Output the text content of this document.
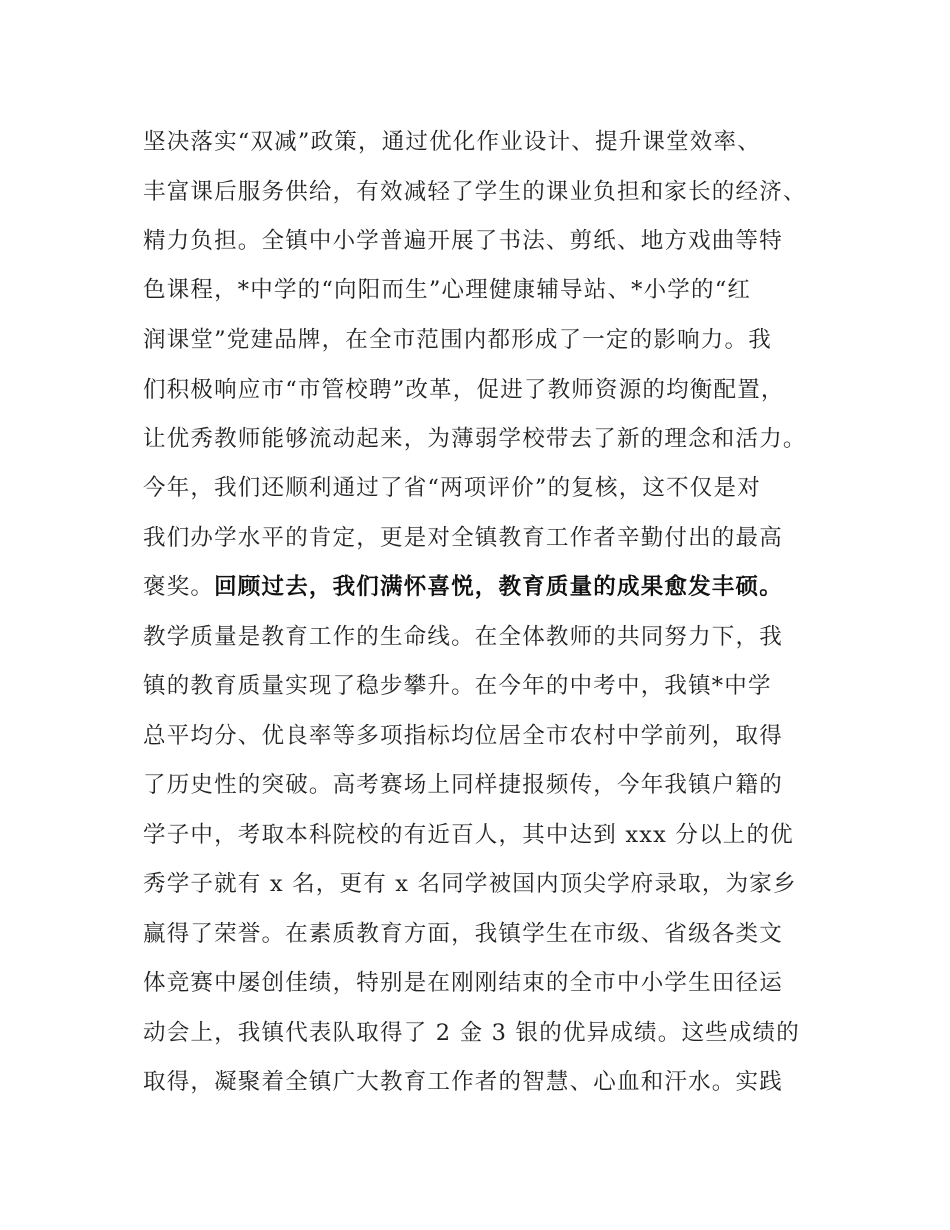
坚决落实“双减”政策，通过优化作业设计、提升课堂效率、
丰富课后服务供给，有效减轻了学生的课业负担和家长的经济、
精力负担。全镇中小学普遍开展了书法、剪纸、地方戏曲等特
色课程，*中学的“向阳而生”心理健康辅导站、*小学的“红
润课堂”党建品牌，在全市范围内都形成了一定的影响力。我
们积极响应市“市管校聘”改革，促进了教师资源的均衡配置，
让优秀教师能够流动起来，为薄弱学校带去了新的理念和活力。
今年，我们还顺利通过了省“两项评价”的复核，这不仅是对
我们办学水平的肯定，更是对全镇教育工作者辛勤付出的最高
褒奖。回顾过去，我们满怀喜悦，教育质量的成果愈发丰硕。
教学质量是教育工作的生命线。在全体教师的共同努力下，我
镇的教育质量实现了稳步攀升。在今年的中考中，我镇*中学
总平均分、优良率等多项指标均位居全市农村中学前列，取得
了历史性的突破。高考赛场上同样捷报频传，今年我镇户籍的
学子中，考取本科院校的有近百人，其中达到 xxx 分以上的优
秀学子就有 x 名，更有 x 名同学被国内顶尖学府录取，为家乡
赢得了荣誉。在素质教育方面，我镇学生在市级、省级各类文
体竞赛中屡创佳绩，特别是在刚刚结束的全市中小学生田径运
动会上，我镇代表队取得了 2 金 3 银的优异成绩。这些成绩的
取得，凝聚着全镇广大教育工作者的智慧、心血和汗水。实践
